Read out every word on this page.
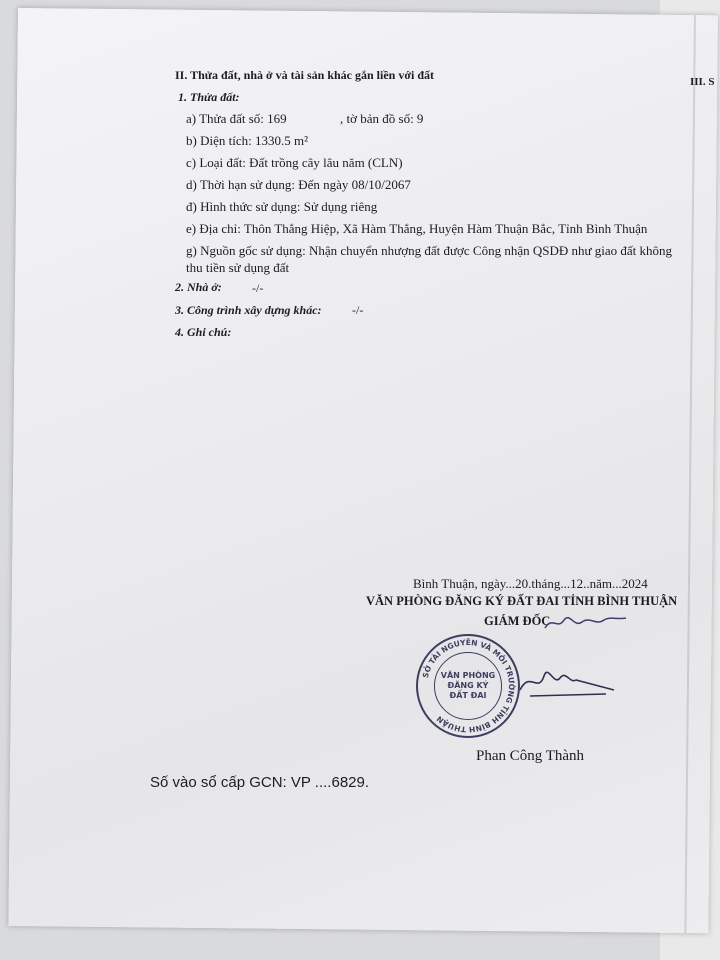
III. S
II. Thửa đất, nhà ở và tài sản khác gắn liền với đất
1. Thửa đất:
a) Thửa đất số: 169	, tờ bản đồ số: 9
b) Diện tích: 1330.5 m²
c) Loại đất: Đất trồng cây lâu năm (CLN)
d) Thời hạn sử dụng: Đến ngày 08/10/2067
đ) Hình thức sử dụng: Sử dụng riêng
e) Địa chỉ: Thôn Thắng Hiệp, Xã Hàm Thắng, Huyện Hàm Thuận Bắc, Tỉnh Bình Thuận
g) Nguồn gốc sử dụng: Nhận chuyển nhượng đất được Công nhận QSDĐ như giao đất không
thu tiền sử dụng đất
2. Nhà ở:	-/-
3. Công trình xây dựng khác:	-/-
4. Ghi chú:
Bình Thuận, ngày...20.tháng...12..năm...2024
VĂN PHÒNG ĐĂNG KÝ ĐẤT ĐAI TỈNH BÌNH THUẬN
GIÁM ĐỐC
SỞ TÀI NGUYÊN VÀ MÔI TRƯỜNG TỈNH BÌNH THUẬN
VĂN PHÒNG
ĐĂNG KÝ
ĐẤT ĐAI
Phan Công Thành
Số vào sổ cấp GCN: VP ....6829.
